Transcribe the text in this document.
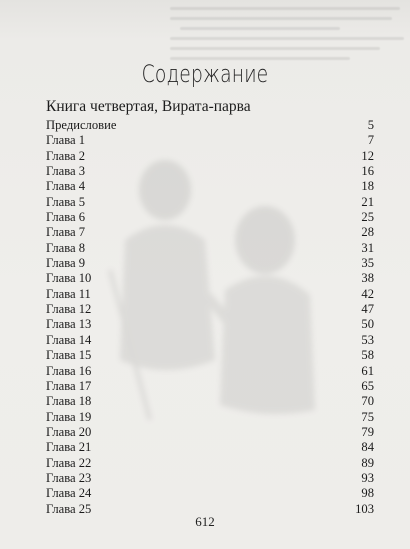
Содержание
Книга четвертая, Вирата-парва
Предисловие	5
Глава 1	7
Глава 2	12
Глава 3	16
Глава 4	18
Глава 5	21
Глава 6	25
Глава 7	28
Глава 8	31
Глава 9	35
Глава 10	38
Глава 11	42
Глава 12	47
Глава 13	50
Глава 14	53
Глава 15	58
Глава 16	61
Глава 17	65
Глава 18	70
Глава 19	75
Глава 20	79
Глава 21	84
Глава 22	89
Глава 23	93
Глава 24	98
Глава 25	103
612
